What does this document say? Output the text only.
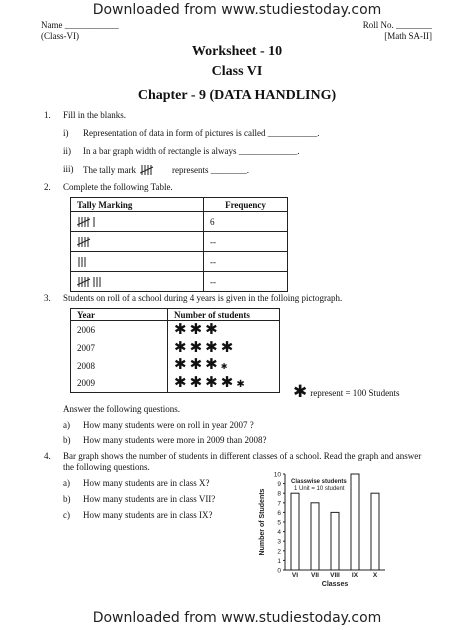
Downloaded from www.studiestoday.com
Name ____________
(Class-VI)
Roll No. ________
[Math SA-II]
Worksheet - 10
Class VI
Chapter - 9 (DATA HANDLING)
1. Fill in the blanks.
i) Representation of data in form of pictures is called ___________.
ii) In a bar graph width of rectangle is always _____________.
iii) The tally mark	represents ________.
2. Complete the following Table.
Tally Marking	Frequency

	6

	--

	--

	--
3. Students on roll of a school during 4 years is given in the folloing pictograph.
Year	Number of students
2006	✱ ✱ ✱
2007	✱ ✱ ✱ ✱
2008	✱ ✱ ✱ ✱
2009	✱ ✱ ✱ ✱ ✱	✱ represent = 100 Students
Answer the following questions.
a) How many students were on roll in year 2007 ?
b) How many students were more in 2009 than 2008?
4. Bar graph shows the number of students in different classes of a school. Read the graph and answer
the following questions.
a) How many students are in class X?
b) How many students are in class VII?
c) How many students are in class IX?
0
1
2
3
4
5
6
7
8
9
10
VI VII VIII IX X
Classes
Number of Students
Classwise students
1 Unit = 10 student
Downloaded from www.studiestoday.com
